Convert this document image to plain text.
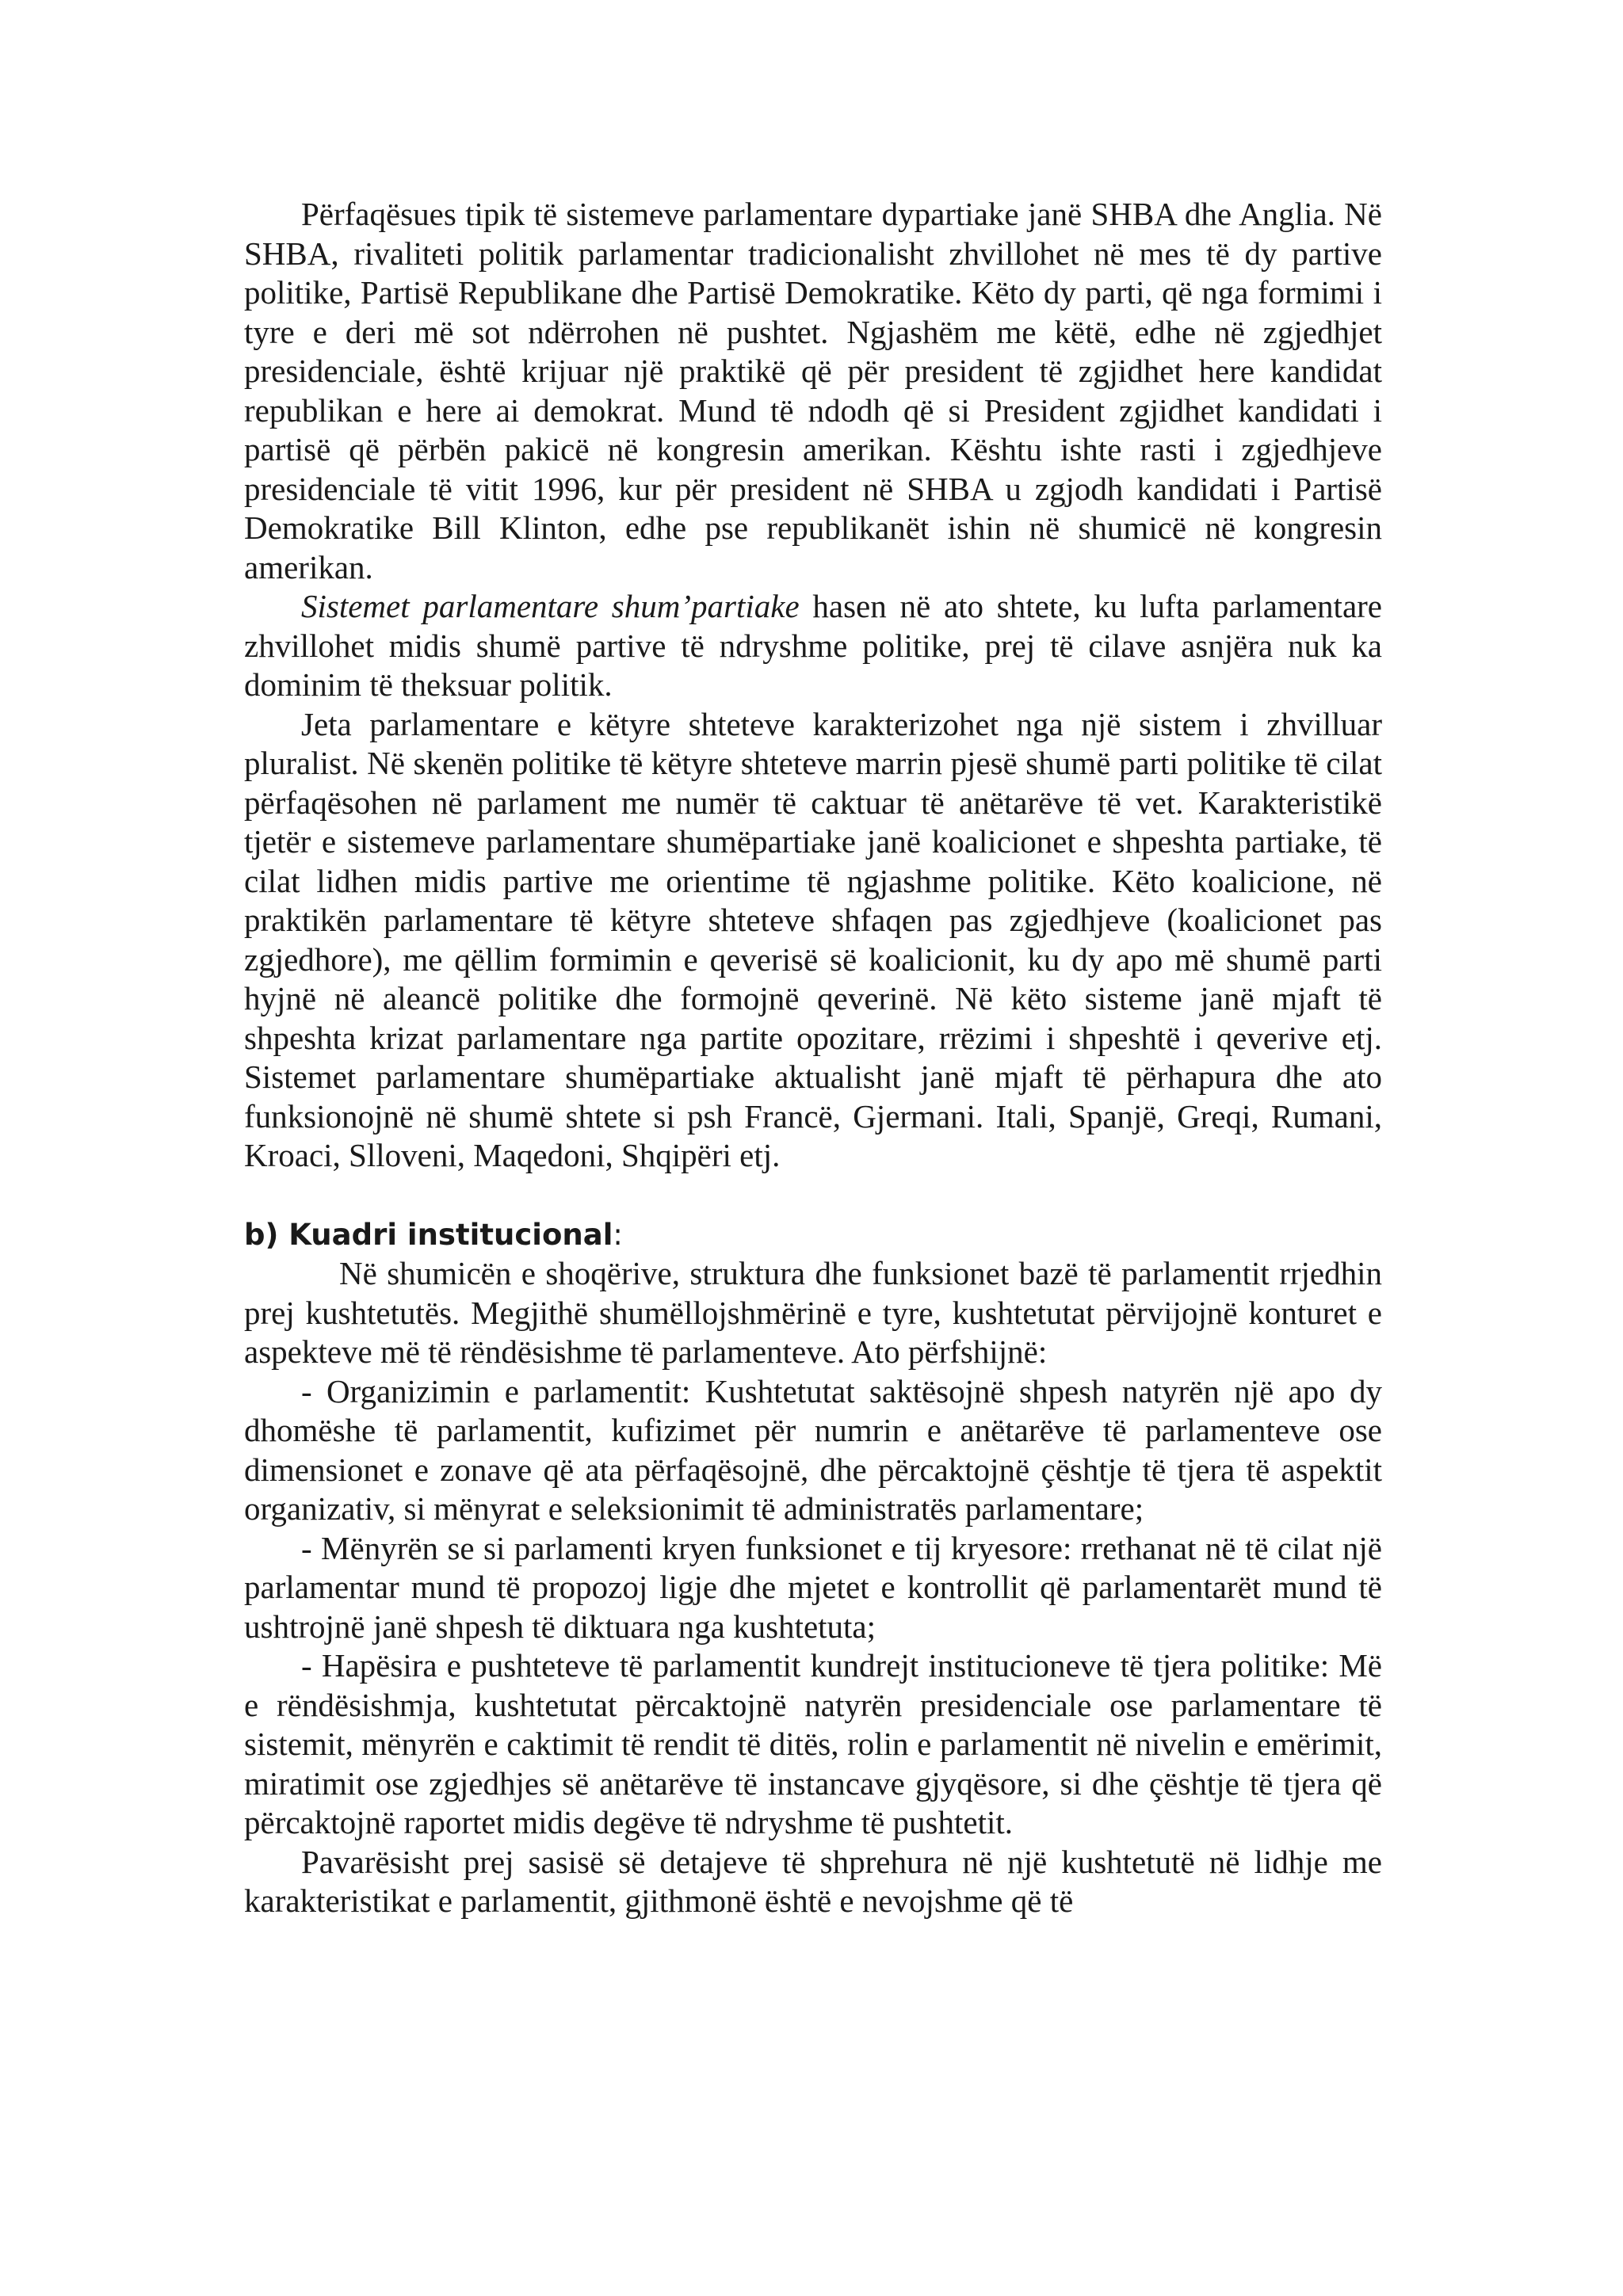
Përfaqësues tipik të sistemeve parlamentare dypartiake janë SHBA dhe Anglia. Në SHBA, rivaliteti politik parlamentar tradicionalisht zhvillohet në mes të dy partive politike, Partisë Republikane dhe Partisë Demokratike. Këto dy parti, që nga formimi i tyre e deri më sot ndërrohen në pushtet. Ngjashëm me këtë, edhe në zgjedhjet presidenciale, është krijuar një praktikë që për president të zgjidhet here kandidat republikan e here ai demokrat. Mund të ndodh që si President zgjidhet kandidati i partisë që përbën pakicë në kongresin amerikan. Kështu ishte rasti i zgjedhjeve presidenciale të vitit 1996, kur për president në SHBA u zgjodh kandidati i Partisë Demokratike Bill Klinton, edhe pse republikanët ishin në shumicë në kongresin amerikan.

Sistemet parlamentare shum’partiake hasen në ato shtete, ku lufta parlamentare zhvillohet midis shumë partive të ndryshme politike, prej të cilave asnjëra nuk ka dominim të theksuar politik.

Jeta parlamentare e këtyre shteteve karakterizohet nga një sistem i zhvilluar pluralist. Në skenën politike të këtyre shteteve marrin pjesë shumë parti politike të cilat përfaqësohen në parlament me numër të caktuar të anëtarëve të vet. Karakteristikë tjetër e sistemeve parlamentare shumëpartiake janë koalicionet e shpeshta partiake, të cilat lidhen midis partive me orientime të ngjashme politike. Këto koalicione, në praktikën parlamentare të këtyre shteteve shfaqen pas zgjedhjeve (koalicionet pas zgjedhore), me qëllim formimin e qeverisë së koalicionit, ku dy apo më shumë parti hyjnë në aleancë politike dhe formojnë qeverinë. Në këto sisteme janë mjaft të shpeshta krizat parlamentare nga partite opozitare, rrëzimi i shpeshtë i qeverive etj. Sistemet parlamentare shumëpartiake aktualisht janë mjaft të përhapura dhe ato funksionojnë në shumë shtete si psh Francë, Gjermani. Itali, Spanjë, Greqi, Rumani, Kroaci, Slloveni, Maqedoni, Shqipëri etj.

b) Kuadri institucional:

Në shumicën e shoqërive, struktura dhe funksionet bazë të parlamentit rrjedhin prej kushtetutës. Megjithë shumëllojshmërinë e tyre, kushtetutat përvijojnë konturet e aspekteve më të rëndësishme të parlamenteve. Ato përfshijnë:

- Organizimin e parlamentit: Kushtetutat saktësojnë shpesh natyrën një apo dy dhomëshe të parlamentit, kufizimet për numrin e anëtarëve të parlamenteve ose dimensionet e zonave që ata përfaqësojnë, dhe përcaktojnë çështje të tjera të aspektit organizativ, si mënyrat e seleksionimit të administratës parlamentare;

- Mënyrën se si parlamenti kryen funksionet e tij kryesore: rrethanat në të cilat një parlamentar mund të propozoj ligje dhe mjetet e kontrollit që parlamentarët mund të ushtrojnë janë shpesh të diktuara nga kushtetuta;

- Hapësira e pushteteve të parlamentit kundrejt institucioneve të tjera politike: Më e rëndësishmja, kushtetutat përcaktojnë natyrën presidenciale ose parlamentare të sistemit, mënyrën e caktimit të rendit të ditës, rolin e parlamentit në nivelin e emërimit, miratimit ose zgjedhjes së anëtarëve të instancave gjyqësore, si dhe çështje të tjera që përcaktojnë raportet midis degëve të ndryshme të pushtetit.

Pavarësisht prej sasisë së detajeve të shprehura në një kushtetutë në lidhje me karakteristikat e parlamentit, gjithmonë është e nevojshme që të
